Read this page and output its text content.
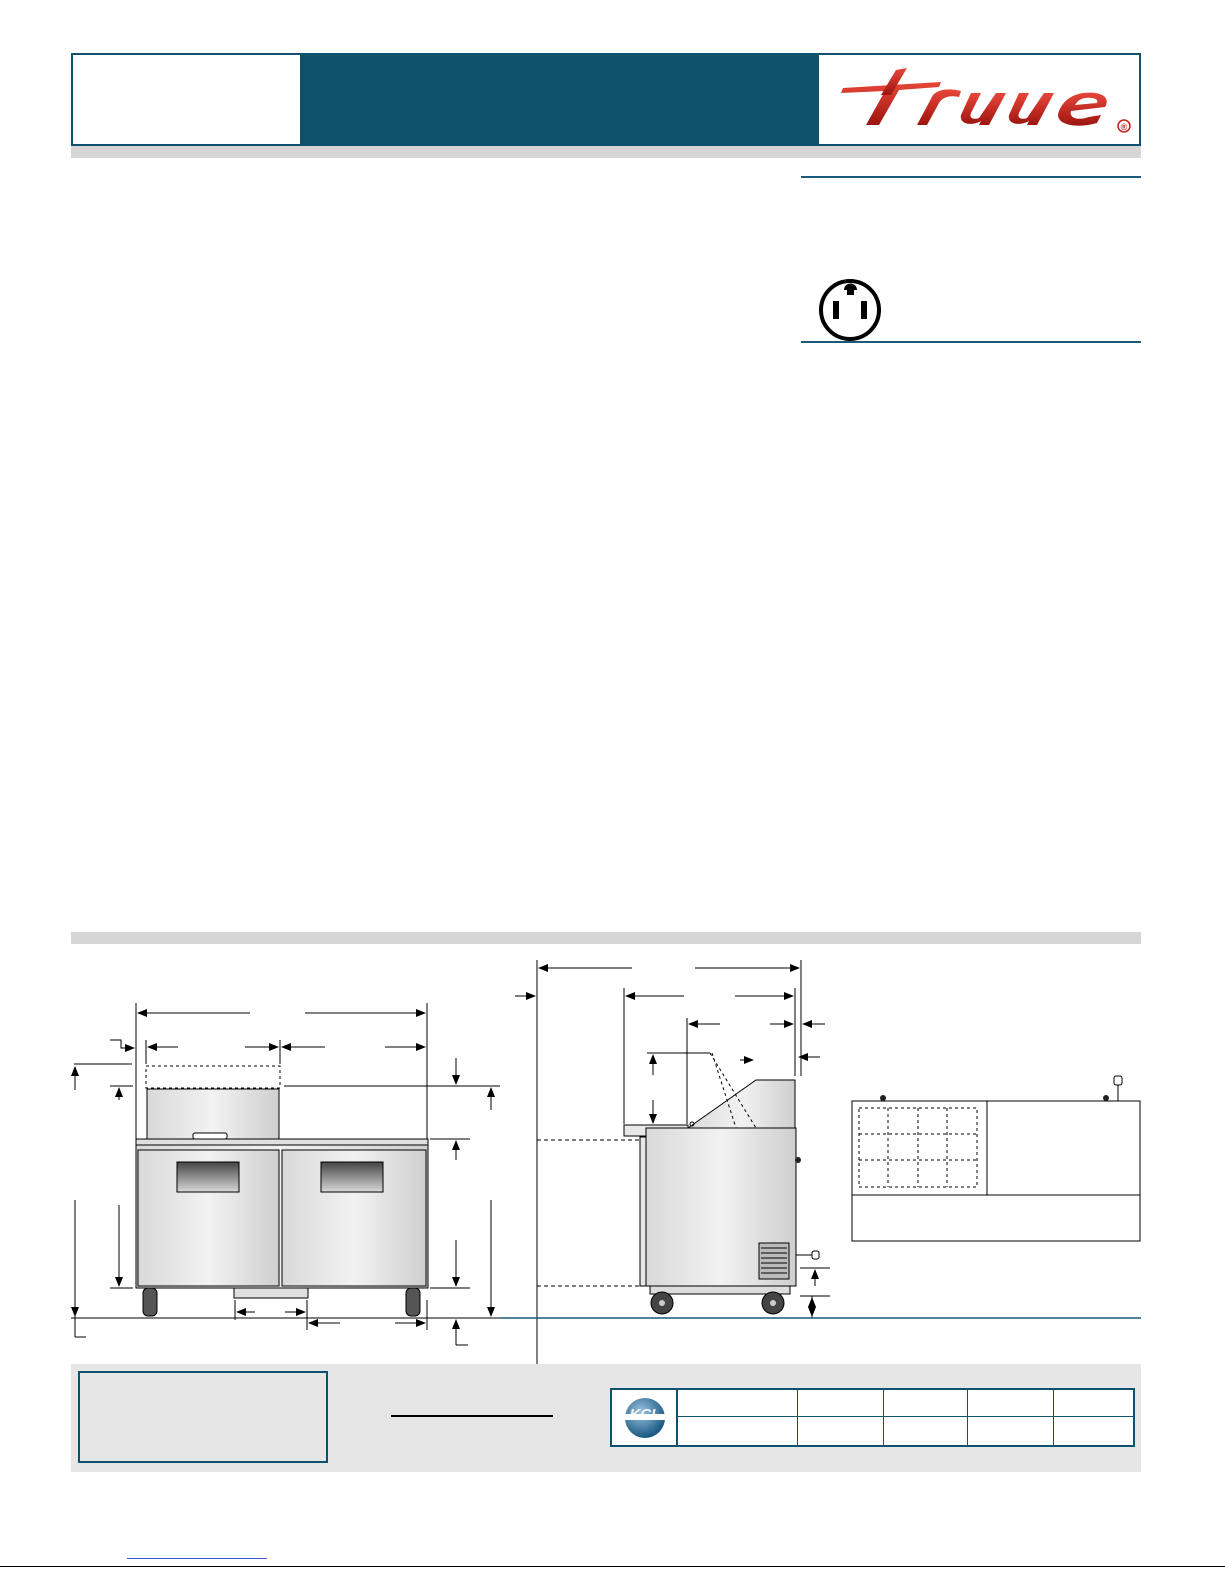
®
KCL
